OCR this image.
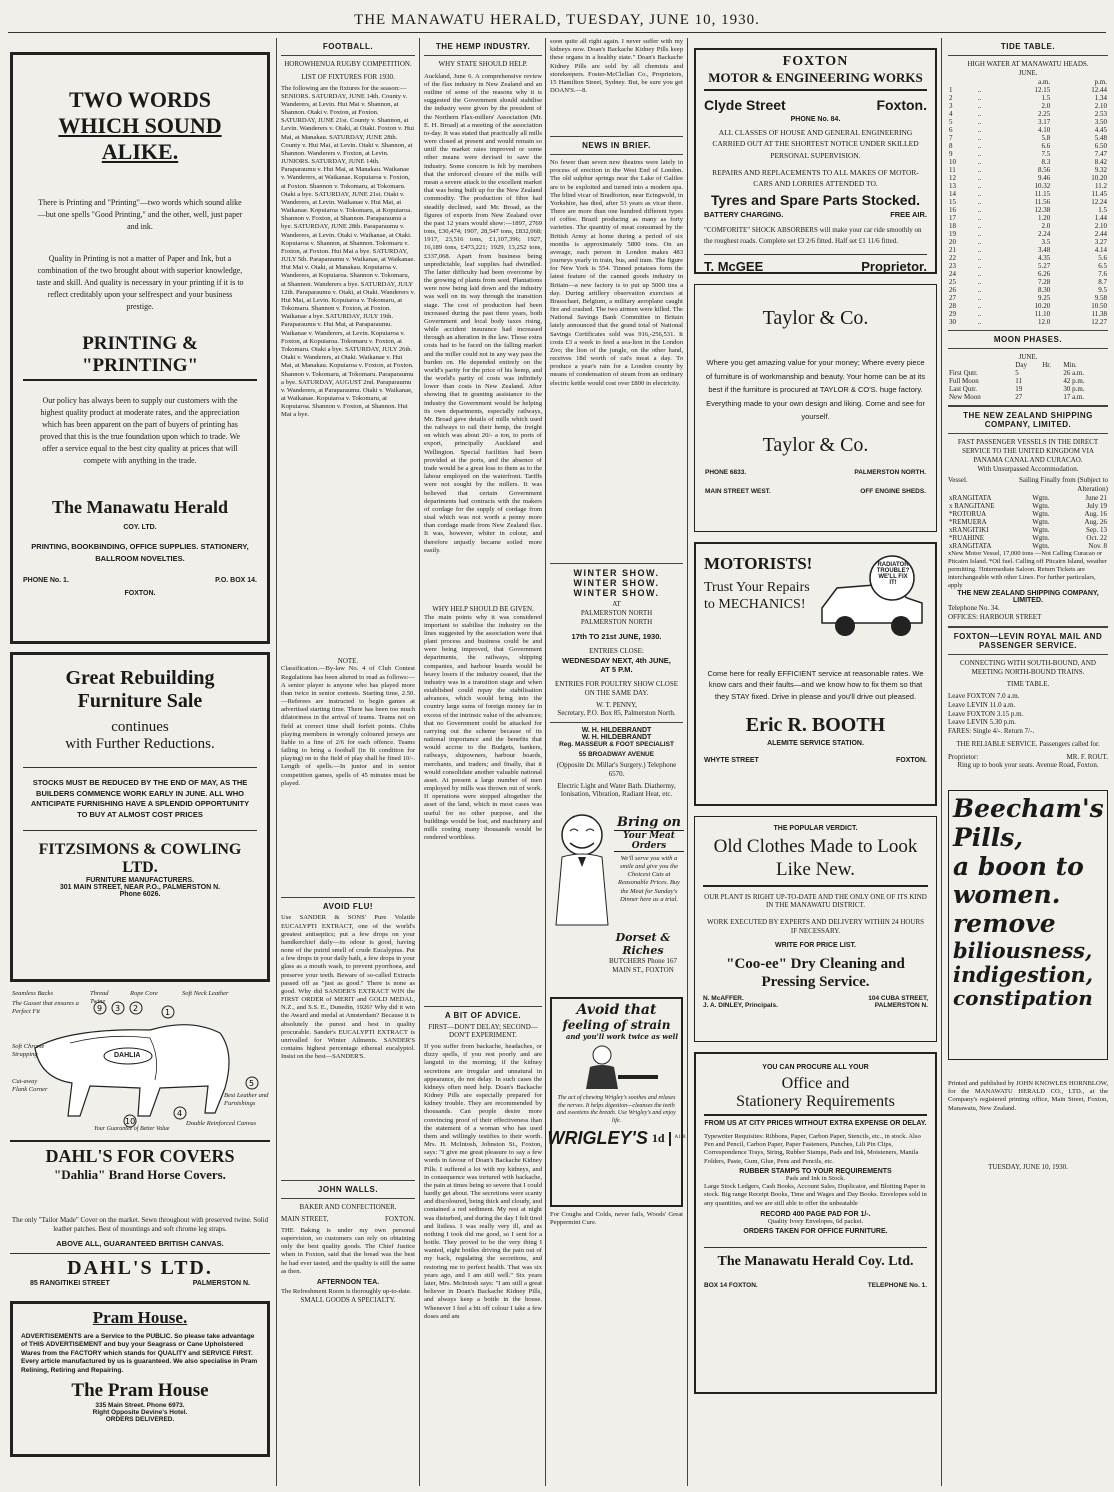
THE MANAWATU HERALD, TUESDAY, JUNE 10, 1930.
TWO WORDS
WHICH SOUND ALIKE.
There is Printing and "Printing"—two words which sound alike—but one spells "Good Printing," and the other, well, just paper and ink.
Quality in Printing is not a matter of Paper and Ink, but a combination of the two brought about with superior knowledge, taste and skill. And quality is necessary in your printing if it is to reflect creditably upon your selfrespect and your business prestige.
PRINTING & "PRINTING"
Our policy has always been to supply our customers with the highest quality product at moderate rates, and the appreciation which has been apparent on the part of buyers of printing has proved that this is the true foundation upon which to trade. We offer a service equal to the best city quality at prices that will compete with anything in the trade.
The Manawatu Herald
COY. LTD.
PRINTING, BOOKBINDING, OFFICE SUPPLIES. STATIONERY, BALLROOM NOVELTIES.
PHONE No. 1.	P.O. BOX 14.
FOXTON.
Great Rebuilding
Furniture Sale
continues
with Further Reductions.
STOCKS MUST BE REDUCED BY THE END OF MAY, AS THE BUILDERS COMMENCE WORK EARLY IN JUNE. ALL WHO ANTICIPATE FURNISHING HAVE A SPLENDID OPPORTUNITY TO BUY AT ALMOST COST PRICES
FITZSIMONS & COWLING LTD.
FURNITURE MANUFACTURERS.
301 MAIN STREET, NEAR P.O., PALMERSTON N.
Phone 6026.
9 3 2	1
5
4
10
Seamless Backs	Thread Twine
Rope Core	Soft Neck Leather
The Gusset that ensures a Perfect Fit
Soft Chrome Strapping
Cut-away Flank Corner
Best Leather and Furnishings
Double Reinforced Canvas
Your Guarantee of Better Value
DAHLIA
DAHL'S FOR COVERS
"Dahlia" Brand Horse Covers.
The only "Tailor Made" Cover on the market. Sewn throughout with preserved twine. Solid leather patches. Best of mountings and soft chrome leg straps.
ABOVE ALL, GUARANTEED BRITISH CANVAS.
DAHL'S LTD.
85 RANGITIKEI STREET	PALMERSTON N.
Pram House.
ADVERTISEMENTS are a Service to the PUBLIC. So please take advantage of THIS ADVERTISEMENT and buy your Seagrass or Cane Upholstered Wares from the FACTORY which stands for QUALITY and SERVICE FIRST. Every article manufactured by us is guaranteed. We also specialise in Pram Relining, Retiring and Repairing.
The Pram House
335 Main Street. Phone 6973.
Right Opposite Devine's Hotel.
ORDERS DELIVERED.
FOOTBALL.
HOROWHENUA RUGBY COMPETITION.
LIST OF FIXTURES FOR 1930.
The following are the fixtures for the season:—
SENIORS. SATURDAY, JUNE 14th. County v. Wanderers, at Levin. Hui Mai v. Shannon, at Shannon. Otaki v. Foxton, at Foxton. SATURDAY, JUNE 21st. County v. Shannon, at Levin. Wanderers v. Otaki, at Otaki. Foxton v. Hui Mai, at Manakau. SATURDAY, JUNE 28th. County v. Hui Mai, at Levin. Otaki v. Shannon, at Shannon. Wanderers v. Foxton, at Levin. JUNIORS. SATURDAY, JUNE 14th. Paraparaumu v. Hui Mai, at Manakau. Waikanae v. Wanderers, at Waikanae. Kopuiaroa v. Foxton, at Foxton. Shannon v. Tokomaru, at Tokomaru. Otaki a bye. SATURDAY, JUNE 21st. Otaki v. Wanderers, at Levin. Waikanae v. Hui Mai, at Waikanae. Kopuiaroa v. Tokomaru, at Kopuiaroa. Shannon v. Foxton, at Shannon. Paraparaumu a bye. SATURDAY, JUNE 28th. Paraparaumu v. Wanderers, at Levin. Otaki v. Waikanae, at Otaki. Kopuiaroa v. Shannon, at Shannon. Tokomaru v. Foxton, at Foxton. Hui Mai a bye. SATURDAY, JULY 5th. Paraparaumu v. Waikanae, at Waikanae. Hui Mai v. Otaki, at Manakau. Kopuiaroa v. Wanderers, at Kopuiaroa. Shannon v. Tokomaru, at Shannon. Wanderers a bye. SATURDAY, JULY 12th. Paraparaumu v. Otaki, at Otaki. Wanderers v. Hui Mai, at Levin. Kopuiaroa v. Tokomaru, at Tokomaru. Shannon v. Foxton, at Foxton. Waikanae a bye. SATURDAY, JULY 19th. Paraparaumu v. Hui Mai, at Paraparaumu. Waikanae v. Wanderers, at Levin. Kopuiaroa v. Foxton, at Kopuiaroa. Tokomaru v. Foxton, at Tokomaru. Otaki a bye. SATURDAY, JULY 26th. Otaki v. Wanderers, at Otaki. Waikanae v. Hui Mai, at Manakau. Kopuiaroa v. Foxton, at Foxton. Shannon v. Tokomaru, at Tokomaru. Paraparaumu a bye. SATURDAY, AUGUST 2nd. Paraparaumu v. Wanderers, at Paraparaumu. Otaki v. Waikanae, at Waikanae. Kopuiaroa v. Tokomaru, at Kopuiaroa. Shannon v. Foxton, at Shannon. Hui Mai a bye.
NOTE.
Classification.—By-law No. 4 of Club Contest Regulations has been altered to read as follows:— A senior player is anyone who has played more than twice in senior contests. Starting time, 2.50.—Referees are instructed to begin games at advertised starting time. There has been too much dilatoriness in the arrival of teams. Teams not on field at correct time shall forfeit points. Clubs playing members in wrongly coloured jerseys are liable to a fine of 2/6 for each offence. Teams failing to bring a football (in fit condition for playing) on to the field of play shall be fined 10/-. Length of spells.—In junior and in senior competition games, spells of 45 minutes must be played.
AVOID FLU!
Use SANDER & SONS' Pure Volatile EUCALYPTI EXTRACT, one of the world's greatest antiseptics; put a few drops on your handkerchief daily—its odour is good, having none of the putrid smell of crude Eucalyptus. Put a few drops in your daily bath, a few drops in your glass as a mouth wash, to prevent pyorrhoea, and preserve your teeth. Beware of so-called Extracts passed off as "just as good." There is none as good. Why did SANDER'S EXTRACT WIN the FIRST ORDER of MERIT and GOLD MEDAL, N.Z., and S.S. E., Dunedin, 1926? Why did it win the Award and medal at Amsterdam? Because it is absolutely the purest and best in quality procurable. Sander's EUCALYPTI EXTRACT is unrivalled for Winter Ailments. SANDER'S contains highest percentage ethereal eucalyptol. Insist on the best—SANDER'S.
JOHN WALLS.
BAKER AND CONFECTIONER.
MAIN STREET,	FOXTON.
THE Baking is under my own personal supervision, so customers can rely on obtaining only the best quality goods. The Chief Justice when in Foxton, said that the bread was the best he had ever tasted, and the quality is still the same as then.
AFTERNOON TEA.
The Refreshment Room is thoroughly up-to-date.
SMALL GOODS A SPECIALTY.
THE HEMP INDUSTRY.
WHY STATE SHOULD HELP.
Auckland, June 6. A comprehensive review of the flax industry in New Zealand and an outline of some of the reasons why it is suggested the Government should stabilise the industry were given by the president of the Northern Flax-millers' Association (Mr. E. H. Broad) at a meeting of the association to-day. It was stated that practically all mills were closed at present and would remain so until the market rates improved or some other means were devised to save the industry. Some concern is felt by members that the enforced closure of the mills will mean a severe attack to the excellent market that was being built up for the New Zealand commodity. The production of fibre had steadily declined, said Mr. Broad, as the figures of exports from New Zealand over the past 12 years would show:—1897, 2769 tons, £30,474; 1907, 28,547 tons, £832,068; 1917, 23,516 tons, £1,107,396; 1927, 16,189 tons, £473,221; 1929, 13,252 tons, £337,068. Apart from business being unpredictable, leaf supplies had dwindled. The latter difficulty had been overcome by the growing of plants from seed. Plantations were now being laid down and the industry was well on its way through the transition stage. The cost of production had been increased during the past three years, both Government and local body taxes rising, while accident insurance had increased through an alteration in the law. Those extra costs had to be faced on the falling market and the miller could not in any way pass the burden on. He depended entirely on the world's parity for the price of his hemp, and the world's parity of costs was infinitely lower than costs in New Zealand. After showing that in granting assistance to the industry the Government would be helping its own departments, especially railways, Mr. Broad gave details of mills which used the railways to rail their hemp, the freight on which was about 20/- a ton, to ports of export, principally Auckland and Wellington. Special facilities had been provided at the ports, and the absence of trade would be a great loss to them as to the labour employed on the waterfront. Tariffs were not sought by the millers. It was believed that certain Government departments had contracts with the makers of cordage for the supply of cordage from sisal which was not worth a penny more than cordage made from New Zealand flax. It was, however, whiter in colour, and therefore unjustly became soiled more easily.
WHY HELP SHOULD BE GIVEN.
The main points why it was considered important to stabilise the industry on the lines suggested by the association were that plant process and business could be and were being improved, that Government departments, the railways, shipping companies, and harbour boards would be heavy losers if the industry ceased, that the industry was in a transition stage and when established could repay the stabilisation advances, which would bring into the country large sums of foreign money far in excess of the intrinsic value of the advances; that no Government could be attacked for carrying out the scheme because of its national importance and the benefits that would accrue to the Budgets, bankers, railways, shipowners, harbour boards, merchants, and traders; and finally, that it would consolidate another valuable national asset. At present a large number of men employed by mills was thrown out of work. If operations were stopped altogether the asset of the land, which in most cases was useful for no other purpose, and the buildings would be lost, and machinery and mills costing many thousands would be rendered worthless.
A BIT OF ADVICE.
FIRST—DON'T DELAY; SECOND—DON'T EXPERIMENT.
If you suffer from backache, headaches, or dizzy spells, if you rest poorly and are languid in the morning; if the kidney secretions are irregular and unnatural in appearance, do not delay. In such cases the kidneys often need help. Doan's Backache Kidney Pills are especially prepared for kidney trouble. They are recommended by thousands. Can people desire more convincing proof of their effectiveness than the statement of a woman who has used them and willingly testifies to their worth. Mrs. H. McIntosh, Johnston St., Foxton, says: "I give me great pleasure to say a few words in favour of Doan's Backache Kidney Pills. I suffered a lot with my kidneys, and in consequence was tortured with backache, the pain at times being so severe that I could hardly get about. The secretions were scanty and discoloured, being thick and cloudy, and contained a red sediment. My rest at night was disturbed, and during the day I felt tired and listless. I was really very ill, and as nothing I took did me good, so I sent for a bottle. They proved to be the very thing I wanted, eight bottles driving the pain out of my back, regulating the secretions, and restoring me to perfect health. That was six years ago, and I am still well." Six years later, Mrs. McIntosh says: "I am still a great believer in Doan's Backache Kidney Pills, and always keep a bottle in the house. Whenever I feel a bit off colour I take a few doses and am
soon quite all right again. I never suffer with my kidneys now. Doan's Backache Kidney Pills keep these organs in a healthy state." Doan's Backache Kidney Pills are sold by all chemists and storekeepers. Foster-McClellan Co., Proprietors, 15 Hamilton Street, Sydney. But, be sure you get DOAN'S.—8.
NEWS IN BRIEF.
No fewer than seven new theatres were lately in process of erection in the West End of London. The old sulphur springs near the Lake of Galilee are to be exploited and turned into a modern spa. The blind vicar of Bradforton, near Ecingwold, in Yorkshire, has died, after 53 years as vicar there. There are more than one hundred different types of coffee. Brazil producing as many as forty varieties. The quantity of meat consumed by the British Army at home during a period of six months is approximately 5800 tons. On an average, each person in London makes 483 journeys yearly in train, bus, and tram. The figure for New York is 554. Tinned potatoes form the latest feature of the canned goods industry in Britain—a new factory is to put up 5000 tins a day. During artillery observation exercises at Brasschaet, Belgium, a military aeroplane caught fire and crashed. The two airmen were killed. The National Savings Bank Committee in Britain lately announced that the grand total of National Savings Certificates sold was 916,-256,531. It costs £3 a week to feed a sea-lion in the London Zoo; the lion of the jungle, on the other hand, receives 18d worth of cat's meat a day. To produce a year's rain for a London county by means of condensation of steam from an ordinary electric kettle would cost over £800 in electricity.
WINTER SHOW.
WINTER SHOW.
WINTER SHOW.
AT
PALMERSTON NORTH
PALMERSTON NORTH
17th TO 21st JUNE, 1930.
ENTRIES CLOSE:
WEDNESDAY NEXT, 4th JUNE,
AT 5 P.M.
ENTRIES FOR POULTRY SHOW CLOSE ON THE SAME DAY.
W. T. PENNY,
Secretary, P.O. Box 85, Palmerston North.
W. H. HILDEBRANDT
W. H. HILDEBRANDT
Reg. MASSEUR & FOOT SPECIALIST
55 BROADWAY AVENUE
(Opposite Dr. Millar's Surgery.) Telephone 6570.
Electric Light and Water Bath. Diathermy, Ionisation, Vibration, Radiant Heat, etc.
Bring on
Your Meat Orders
We'll serve you with a smile and give you the Choicest Cuts at Reasonable Prices. Buy the Meat for Sunday's Dinner here as a trial.
Dorset & Riches
BUTCHERS Phone 167
MAIN ST., FOXTON
Avoid that
feeling of strain
and you'll work twice as well
The act of chewing Wrigley's soothes and relaxes the nerves. It helps digestion—cleanses the teeth and sweetens the breath. Use Wrigley's and enjoy life.
WRIGLEY'S 1d A118
For Coughs and Colds, never fails, Woods' Great Peppermint Cure.
FOXTON
MOTOR & ENGINEERING WORKS
Clyde Street	Foxton.
PHONE No. 84.
ALL CLASSES OF HOUSE AND GENERAL ENGINEERING CARRIED OUT AT THE SHORTEST NOTICE UNDER SKILLED PERSONAL SUPERVISION.
REPAIRS AND REPLACEMENTS TO ALL MAKES OF MOTOR-CARS AND LORRIES ATTENDED TO.
Tyres and Spare Parts Stocked.
BATTERY CHARGING.	FREE AIR.
"COMFORITE" SHOCK ABSORBERS will make your car ride smoothly on the roughest roads. Complete set £3 2/6 fitted. Half set £1 11/6 fitted.
T. McGEE	Proprietor.
Taylor & Co.
Where you get amazing value for your money; Where every piece of furniture is of workmanship and beauty. Your home can be at its best if the furniture is procured at TAYLOR & CO'S. huge factory. Everything made to your own design and liking. Come and see for yourself.
Taylor & Co.
PHONE 6833.	PALMERSTON NORTH.
MAIN STREET WEST.	OFF ENGINE SHEDS.
MOTORISTS!
Trust Your Repairs to MECHANICS!
RADIATOR TROUBLE? WE'LL FIX IT!
Come here for really EFFICIENT service at reasonable rates. We know cars and their faults—and we know how to fix them so that they STAY fixed. Drive in please and you'll drive out pleased.
Eric R. BOOTH
ALEMITE SERVICE STATION.
WHYTE STREET	FOXTON.
THE POPULAR VERDICT.
Old Clothes Made to Look Like New.
OUR PLANT IS RIGHT UP-TO-DATE AND THE ONLY ONE OF ITS KIND IN THE MANAWATU DISTRICT.
WORK EXECUTED BY EXPERTS AND DELIVERY WITHIN 24 HOURS IF NECESSARY.
WRITE FOR PRICE LIST.
"Coo-ee" Dry Cleaning and Pressing Service.
N. McAFFER.	104 CUBA STREET,
J. A. DINLEY, Principals.	PALMERSTON N.
YOU CAN PROCURE ALL YOUR
Office and
Stationery Requirements
FROM US AT CITY PRICES WITHOUT EXTRA EXPENSE OR DELAY.
Typewriter Requisites: Ribbons, Paper, Carbon Paper, Stencils, etc., in stock. Also Pen and Pencil, Carbon Paper, Paper Fasteners, Punches, Lili Pin Clips, Correspondence Trays, String, Rubber Stamps, Pads and Ink, Moisteners, Manila Folders, Paste, Gum, Glue, Pens and Pencils, etc.
RUBBER STAMPS TO YOUR REQUIREMENTS
Pads and Ink in Stock.
Large Stock Ledgers, Cash Books, Account Sales, Duplicator, and Blotting Paper in stock. Big range Receipt Books, Time and Wages and Day Books. Envelopes sold in any quantities, and we are still able to offer the unbeatable
RECORD 400 PAGE PAD FOR 1/-.
Quality Ivory Envelopes, 6d packet.
ORDERS TAKEN FOR OFFICE FURNITURE.
The Manawatu Herald Coy. Ltd.
BOX 14 FOXTON.	TELEPHONE No. 1.
TIDE TABLE.
HIGH WATER AT MANAWATU HEADS.
JUNE.
		a.m.	p.m.
1	..	12.15	12.44
2	..	1.5	1.34
3	..	2.0	2.10
4	..	2.25	2.53
5	..	3.17	3.50
6	..	4.10	4.45
7	..	5.8	5.48
8	..	6.6	6.50
9	..	7.5	7.47
10	..	8.3	8.42
11	..	8.56	9.32
12	..	9.46	10.20
13	..	10.32	11.2
14	..	11.15	11.45
15	..	11.56	12.24
16	..	12.38	1.5
17	..	1.20	1.44
18	..	2.0	2.10
19	..	2.24	2.44
20	..	3.5	3.27
21	..	3.48	4.14
22	..	4.35	5.6
23	..	5.27	6.5
24	..	6.26	7.6
25	..	7.28	8.7
26	..	8.30	9.5
27	..	9.25	9.58
28	..	10.20	10.50
29	..	11.10	11.38
30	..	12.0	12.27
MOON PHASES.
JUNE.
	Day	Hr.	Min.
First Qutr.	5		26 a.m.
Full Moon	11		42 p.m.
Last Qutr.	19		30 p.m.
New Moon	27		17 a.m.
THE NEW ZEALAND SHIPPING COMPANY, LIMITED.
FAST PASSENGER VESSELS IN THE DIRECT SERVICE TO THE UNITED KINGDOM VIA PANAMA CANAL AND CURACAO.
With Unsurpassed Accommodation.
Vessel.	Sailing Finally from (Subject to Alteration)
xRANGITATA	Wgtn.	June 21
x RANGITANE	Wgtn.	July 19
*ROTORUA	Wgtn.	Aug. 16
*REMUERA	Wgtn.	Aug. 26
xRANGITIKI	Wgtn.	Sep. 13
*RUAHINE	Wgtn.	Oct. 22
xRANGITATA	Wgtn.	Nov. 8
xNew Motor Vessel, 17,000 tons —Not Calling Curacao or Pitcairn Island. *Oil fuel. Calling off Pitcairn Island, weather permitting. †Intermediate Saloon. Return Tickets are interchangeable with other Lines. For further particulars, apply
THE NEW ZEALAND SHIPPING COMPANY, LIMITED.
Telephone No. 34.
OFFICES: HARBOUR STREET
FOXTON—LEVIN ROYAL MAIL AND PASSENGER SERVICE.
CONNECTING WITH SOUTH-BOUND, AND MEETING NORTH-BOUND TRAINS.
TIME TABLE.
Leave FOXTON 7.0 a.m.
Leave LEVIN 11.0 a.m.
Leave FOXTON 3.15 p.m.
Leave LEVIN 5.30 p.m.
FARES: Single 4/-. Return 7/-.
THE RELIABLE SERVICE. Passengers called for.
Proprietor:	MR. F. ROUT.
Ring up to book your seats. Avenue Road, Foxton.
Beecham's
Pills,
a boon to
women.
remove
biliousness,
indigestion,
constipation
Printed and published by JOHN KNOWLES HORNBLOW, for the MANAWATU HERALD CO., LTD., at the Company's registered printing office, Main Street, Foxton, Manawatu, New Zealand.
TUESDAY, JUNE 10, 1930.
